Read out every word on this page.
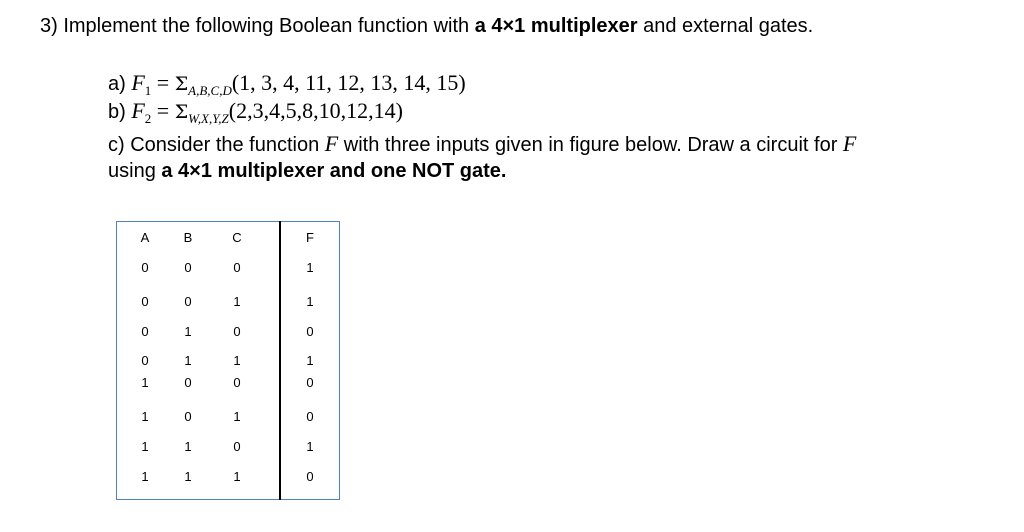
3) Implement the following Boolean function with a 4×1 multiplexer and external gates.
a) $F_1 = \Sigma_{A,B,C,D}(1$, 3, 4, 11, 12, 13, 14, 15)
b) $F_2 = \Sigma_{W,X,Y,Z}(2,3,4,5,8,10,12,14)$
c) Consider the function F with three inputs given in figure below. Draw a circuit for F
using a 4×1 multiplexer and one NOT gate.
A	B	C	F
0	0	0	1
0	0	1	1
0	1	0	0
0	1	1	1
1	0	0	0
1	0	1	0
1	1	0	1
1	1	1	0
